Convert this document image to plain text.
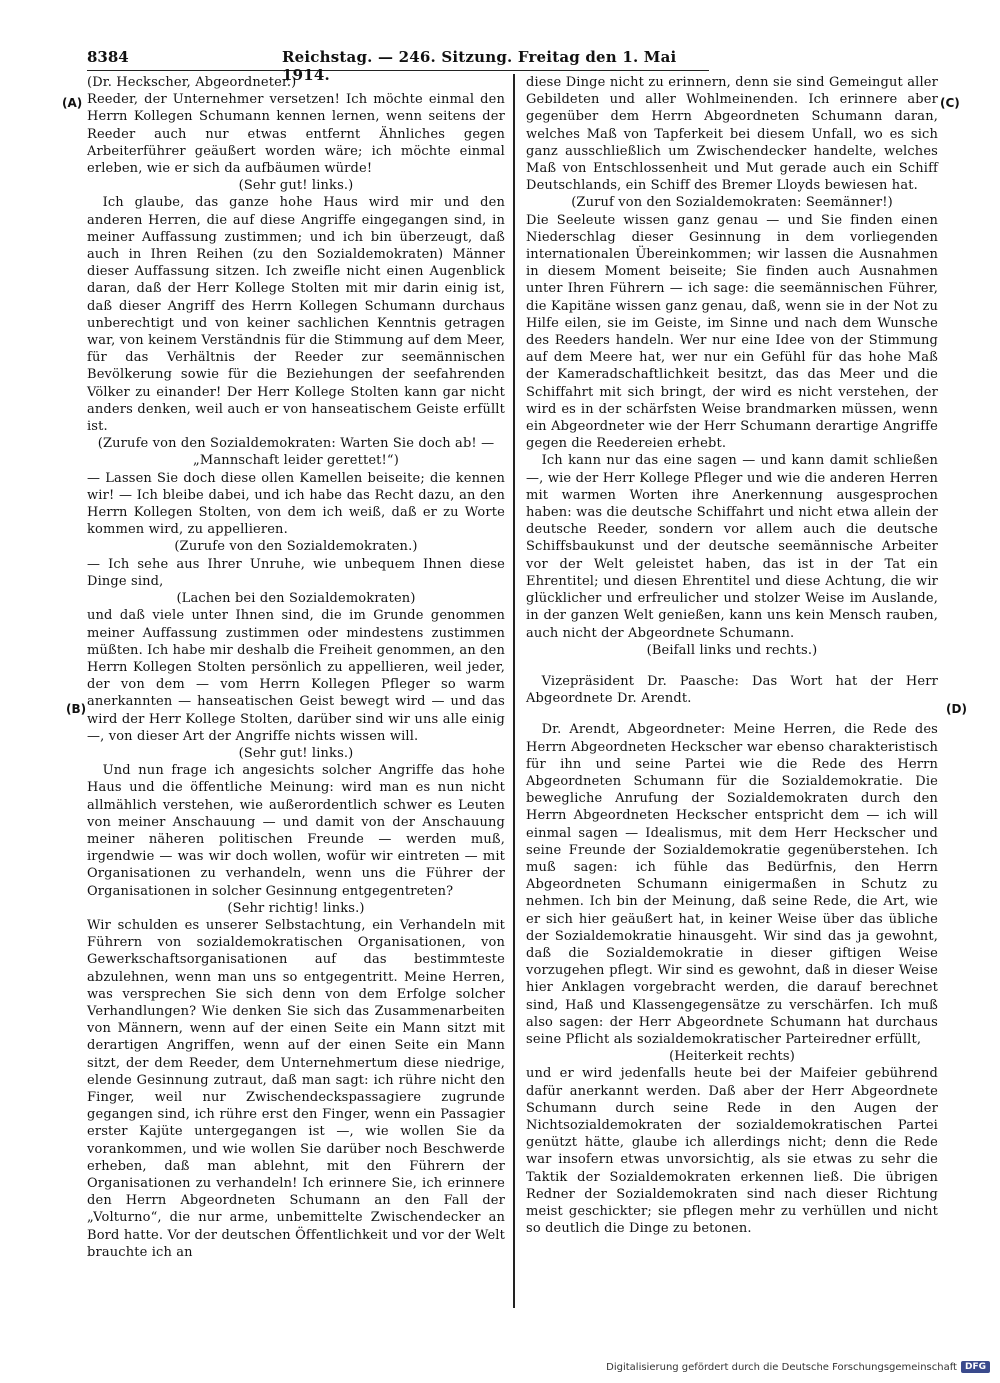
8384	Reichstag. — 246. Sitzung. Freitag den 1. Mai 1914.
(A)
(B)
(C)
(D)

(Dr. Heckscher, Abgeordneter.)

Reeder, der Unternehmer versetzen! Ich möchte einmal den Herrn Kollegen Schumann kennen lernen, wenn seitens der Reeder auch nur etwas entfernt Ähnliches gegen Arbeiterführer geäußert worden wäre; ich möchte einmal erleben, wie er sich da aufbäumen würde!

(Sehr gut! links.)

Ich glaube, das ganze hohe Haus wird mir und den anderen Herren, die auf diese Angriffe eingegangen sind, in meiner Auffassung zustimmen; und ich bin überzeugt, daß auch in Ihren Reihen (zu den Sozialdemokraten) Männer dieser Auffassung sitzen. Ich zweifle nicht einen Augenblick daran, daß der Herr Kollege Stolten mit mir darin einig ist, daß dieser Angriff des Herrn Kollegen Schumann durchaus unberechtigt und von keiner sachlichen Kenntnis getragen war, von keinem Verständnis für die Stimmung auf dem Meer, für das Verhältnis der Reeder zur seemännischen Bevölkerung sowie für die Beziehungen der seefahrenden Völker zu einander! Der Herr Kollege Stolten kann gar nicht anders denken, weil auch er von hanseatischem Geiste erfüllt ist.

(Zurufe von den Sozialdemokraten: Warten Sie doch ab! — „Mannschaft leider gerettet!“)

— Lassen Sie doch diese ollen Kamellen beiseite; die kennen wir! — Ich bleibe dabei, und ich habe das Recht dazu, an den Herrn Kollegen Stolten, von dem ich weiß, daß er zu Worte kommen wird, zu appellieren.

(Zurufe von den Sozialdemokraten.)

— Ich sehe aus Ihrer Unruhe, wie unbequem Ihnen diese Dinge sind,

(Lachen bei den Sozialdemokraten)

und daß viele unter Ihnen sind, die im Grunde genommen meiner Auffassung zustimmen oder mindestens zustimmen müßten. Ich habe mir deshalb die Freiheit genommen, an den Herrn Kollegen Stolten persönlich zu appellieren, weil jeder, der von dem — vom Herrn Kollegen Pfleger so warm anerkannten — hanseatischen Geist bewegt wird — und das wird der Herr Kollege Stolten, darüber sind wir uns alle einig —, von dieser Art der Angriffe nichts wissen will.

(Sehr gut! links.)

Und nun frage ich angesichts solcher Angriffe das hohe Haus und die öffentliche Meinung: wird man es nun nicht allmählich verstehen, wie außerordentlich schwer es Leuten von meiner Anschauung — und damit von der Anschauung meiner näheren politischen Freunde — werden muß, irgendwie — was wir doch wollen, wofür wir eintreten — mit Organisationen zu verhandeln, wenn uns die Führer der Organisationen in solcher Gesinnung entgegentreten?

(Sehr richtig! links.)

Wir schulden es unserer Selbstachtung, ein Verhandeln mit Führern von sozialdemokratischen Organisationen, von Gewerkschaftsorganisationen auf das bestimmteste abzulehnen, wenn man uns so entgegentritt. Meine Herren, was versprechen Sie sich denn von dem Erfolge solcher Verhandlungen? Wie denken Sie sich das Zusammenarbeiten von Männern, wenn auf der einen Seite ein Mann sitzt mit derartigen Angriffen, wenn auf der einen Seite ein Mann sitzt, der dem Reeder, dem Unternehmertum diese niedrige, elende Gesinnung zutraut, daß man sagt: ich rühre nicht den Finger, weil nur Zwischendeckspassagiere zugrunde gegangen sind, ich rühre erst den Finger, wenn ein Passagier erster Kajüte untergegangen ist —, wie wollen Sie da vorankommen, und wie wollen Sie darüber noch Beschwerde erheben, daß man ablehnt, mit den Führern der Organisationen zu verhandeln! Ich erinnere Sie, ich erinnere den Herrn Abgeordneten Schumann an den Fall der „Volturno“, die nur arme, unbemittelte Zwischendecker an Bord hatte. Vor der deutschen Öffentlichkeit und vor der Welt brauchte ich an

diese Dinge nicht zu erinnern, denn sie sind Gemeingut aller Gebildeten und aller Wohlmeinenden. Ich erinnere aber gegenüber dem Herrn Abgeordneten Schumann daran, welches Maß von Tapferkeit bei diesem Unfall, wo es sich ganz ausschließlich um Zwischendecker handelte, welches Maß von Entschlossenheit und Mut gerade auch ein Schiff Deutschlands, ein Schiff des Bremer Lloyds bewiesen hat.

(Zuruf von den Sozialdemokraten: Seemänner!)

Die Seeleute wissen ganz genau — und Sie finden einen Niederschlag dieser Gesinnung in dem vorliegenden internationalen Übereinkommen; wir lassen die Ausnahmen in diesem Moment beiseite; Sie finden auch Ausnahmen unter Ihren Führern — ich sage: die seemännischen Führer, die Kapitäne wissen ganz genau, daß, wenn sie in der Not zu Hilfe eilen, sie im Geiste, im Sinne und nach dem Wunsche des Reeders handeln. Wer nur eine Idee von der Stimmung auf dem Meere hat, wer nur ein Gefühl für das hohe Maß der Kameradschaftlichkeit besitzt, das das Meer und die Schiffahrt mit sich bringt, der wird es nicht verstehen, der wird es in der schärfsten Weise brandmarken müssen, wenn ein Abgeordneter wie der Herr Schumann derartige Angriffe gegen die Reedereien erhebt.

Ich kann nur das eine sagen — und kann damit schließen —, wie der Herr Kollege Pfleger und wie die anderen Herren mit warmen Worten ihre Anerkennung ausgesprochen haben: was die deutsche Schiffahrt und nicht etwa allein der deutsche Reeder, sondern vor allem auch die deutsche Schiffsbaukunst und der deutsche seemännische Arbeiter vor der Welt geleistet haben, das ist in der Tat ein Ehrentitel; und diesen Ehrentitel und diese Achtung, die wir glücklicher und erfreulicher und stolzer Weise im Auslande, in der ganzen Welt genießen, kann uns kein Mensch rauben, auch nicht der Abgeordnete Schumann.

(Beifall links und rechts.)

Vizepräsident Dr. Paasche: Das Wort hat der Herr Abgeordnete Dr. Arendt.

Dr. Arendt, Abgeordneter: Meine Herren, die Rede des Herrn Abgeordneten Heckscher war ebenso charakteristisch für ihn und seine Partei wie die Rede des Herrn Abgeordneten Schumann für die Sozialdemokratie. Die bewegliche Anrufung der Sozialdemokraten durch den Herrn Abgeordneten Heckscher entspricht dem — ich will einmal sagen — Idealismus, mit dem Herr Heckscher und seine Freunde der Sozialdemokratie gegenüberstehen. Ich muß sagen: ich fühle das Bedürfnis, den Herrn Abgeordneten Schumann einigermaßen in Schutz zu nehmen. Ich bin der Meinung, daß seine Rede, die Art, wie er sich hier geäußert hat, in keiner Weise über das übliche der Sozialdemokratie hinausgeht. Wir sind das ja gewohnt, daß die Sozialdemokratie in dieser giftigen Weise vorzugehen pflegt. Wir sind es gewohnt, daß in dieser Weise hier Anklagen vorgebracht werden, die darauf berechnet sind, Haß und Klassengegensätze zu verschärfen. Ich muß also sagen: der Herr Abgeordnete Schumann hat durchaus seine Pflicht als sozialdemokratischer Parteiredner erfüllt,

(Heiterkeit rechts)

und er wird jedenfalls heute bei der Maifeier gebührend dafür anerkannt werden. Daß aber der Herr Abgeordnete Schumann durch seine Rede in den Augen der Nichtsozialdemokraten der sozialdemokratischen Partei genützt hätte, glaube ich allerdings nicht; denn die Rede war insofern etwas unvorsichtig, als sie etwas zu sehr die Taktik der Sozialdemokraten erkennen ließ. Die übrigen Redner der Sozialdemokraten sind nach dieser Richtung meist geschickter; sie pflegen mehr zu verhüllen und nicht so deutlich die Dinge zu betonen.

Digitalisierung gefördert durch die Deutsche Forschungsgemeinschaft DFG
